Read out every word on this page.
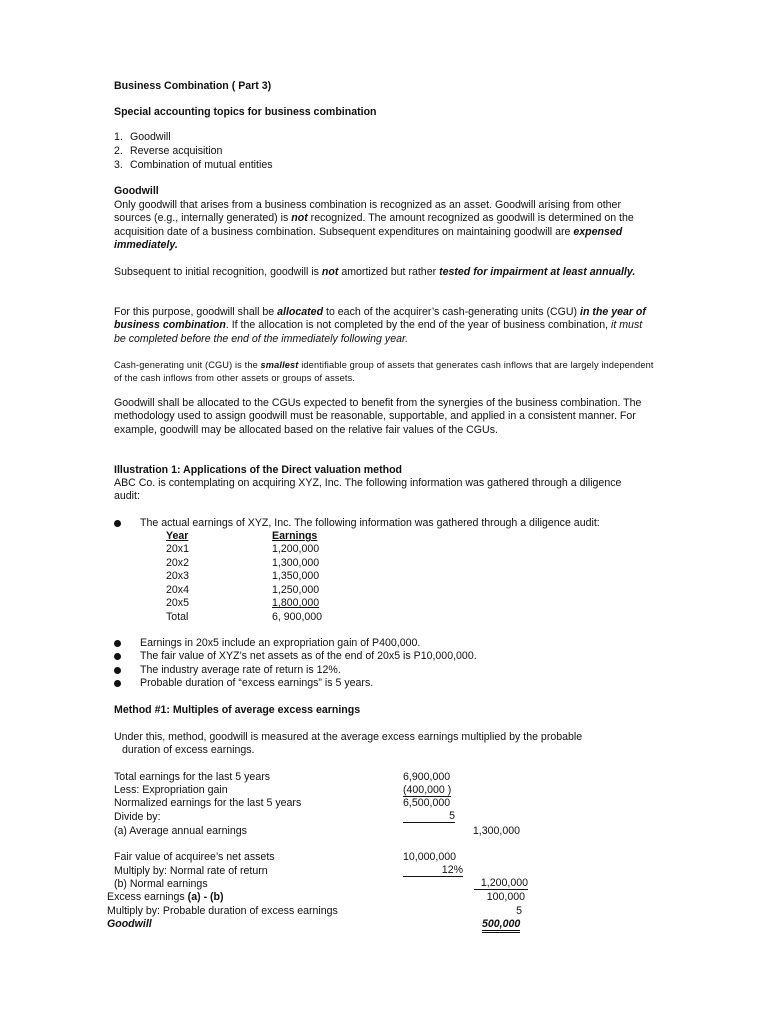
Business Combination ( Part 3)
Special accounting topics for business combination
1. Goodwill
2. Reverse acquisition
3. Combination of mutual entities
Goodwill

Only goodwill that arises from a business combination is recognized as an asset. Goodwill arising from other sources (e.g., internally generated) is not recognized. The amount recognized as goodwill is determined on the acquisition date of a business combination. Subsequent expenditures on maintaining goodwill are expensed immediately.

Subsequent to initial recognition, goodwill is not amortized but rather tested for impairment at least annually.

For this purpose, goodwill shall be allocated to each of the acquirer’s cash-generating units (CGU) in the year of business combination. If the allocation is not completed by the end of the year of business combination, it must be completed before the end of the immediately following year.

Cash-generating unit (CGU) is the smallest identifiable group of assets that generates cash inflows that are largely independent of the cash inflows from other assets or groups of assets.

Goodwill shall be allocated to the CGUs expected to benefit from the synergies of the business combination. The methodology used to assign goodwill must be reasonable, supportable, and applied in a consistent manner. For example, goodwill may be allocated based on the relative fair values of the CGUs.

Illustration 1: Applications of the Direct valuation method

ABC Co. is contemplating on acquiring XYZ, Inc. The following information was gathered through a diligence audit:

The actual earnings of XYZ, Inc. The following information was gathered through a diligence audit:
Year	Earnings
20x1	1,200,000
20x2	1,300,000
20x3	1,350,000
20x4	1,250,000
20x5	1,800,000
Total	6, 900,000
Earnings in 20x5 include an expropriation gain of P400,000.
The fair value of XYZ’s net assets as of the end of 20x5 is P10,000,000.
The industry average rate of return is 12%.
Probable duration of “excess earnings” is 5 years.
Method #1: Multiples of average excess earnings
Under this, method, goodwill is measured at the average excess earnings multiplied by the probable
duration of excess earnings.
Total earnings for the last 5 years	6,900,000
Less: Expropriation gain	(400,000 )
Normalized earnings for the last 5 years	6,500,000
Divide by:	5
(a) Average annual earnings	1,300,000
Fair value of acquiree’s net assets	10,000,000
Multiply by: Normal rate of return	12%
(b) Normal earnings	1,200,000
Excess earnings (a) - (b)	100,000
Multiply by: Probable duration of excess earnings	5
Goodwill	500,000
